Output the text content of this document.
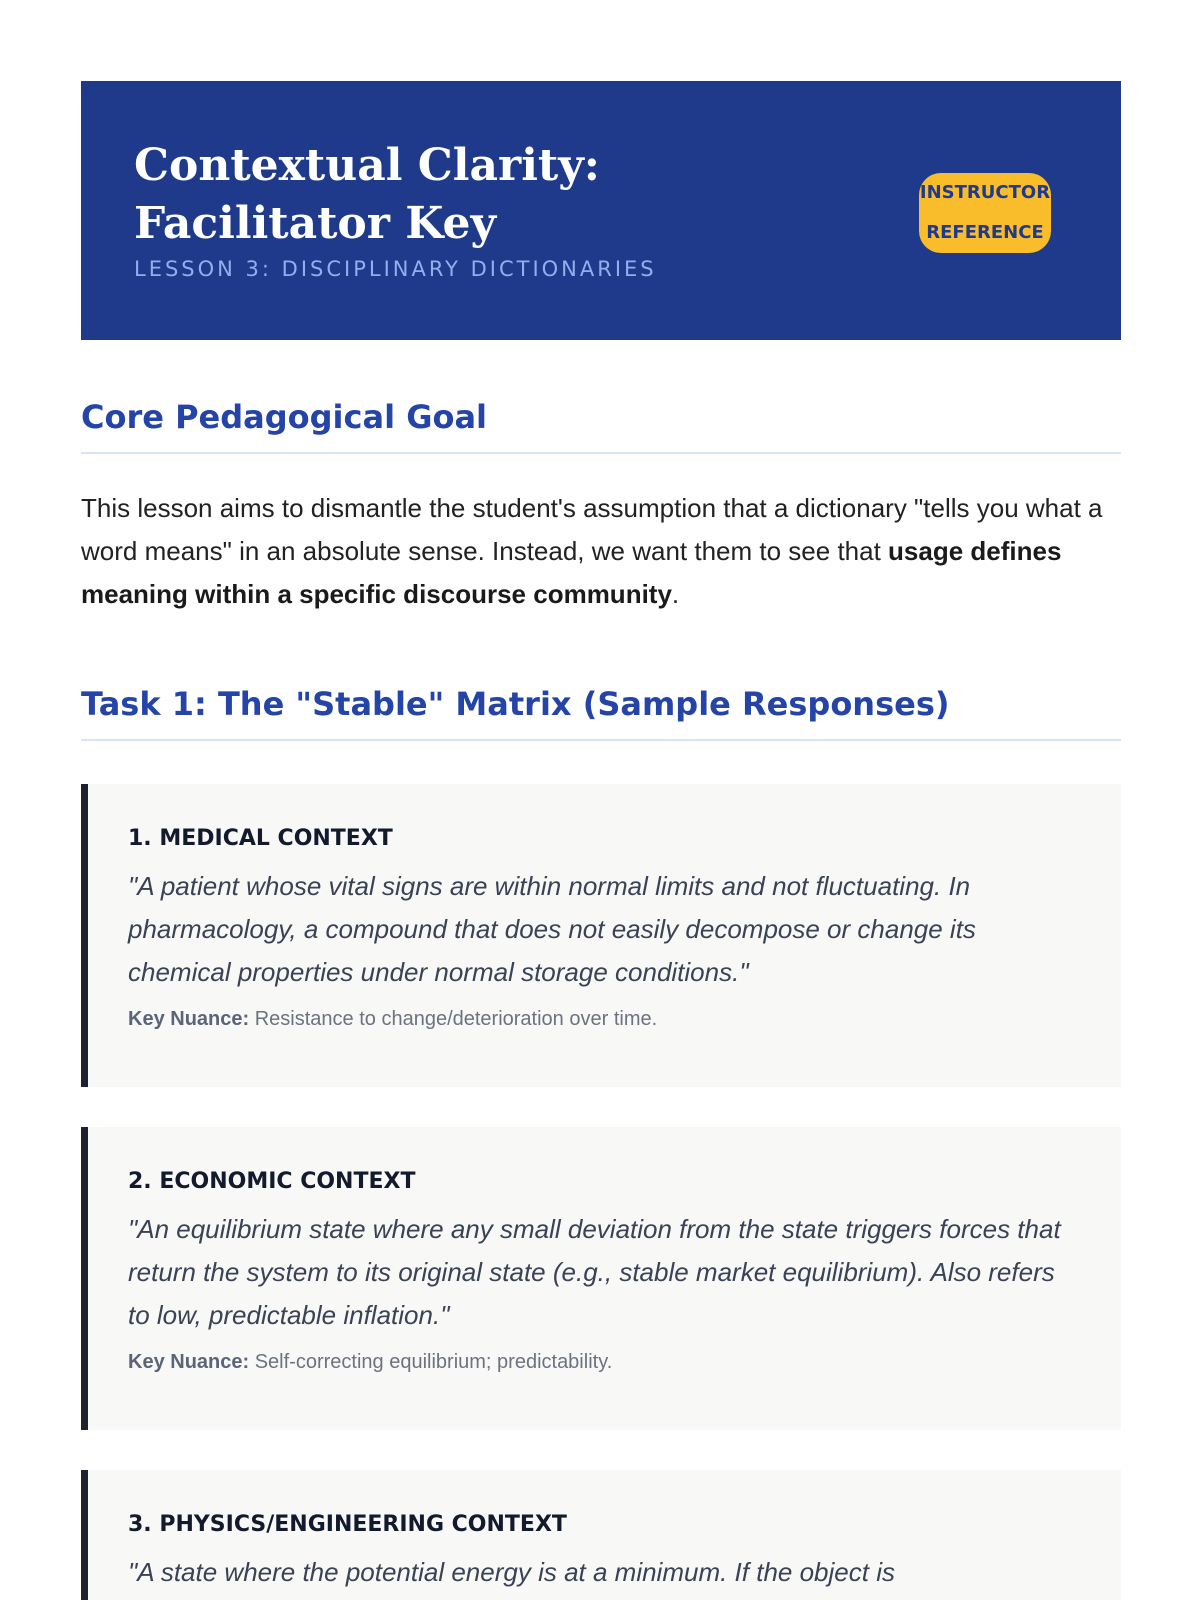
Contextual Clarity:
Facilitator Key
LESSON 3: DISCIPLINARY DICTIONARIES
INSTRUCTOR
REFERENCE
Core Pedagogical Goal

This lesson aims to dismantle the student's assumption that a dictionary "tells you what a word means" in an absolute sense. Instead, we want them to see that usage defines meaning within a specific discourse community.

Task 1: The "Stable" Matrix (Sample Responses)
1. MEDICAL CONTEXT
"A patient whose vital signs are within normal limits and not fluctuating. In pharmacology, a compound that does not easily decompose or change its chemical properties under normal storage conditions."
Key Nuance: Resistance to change/deterioration over time.
2. ECONOMIC CONTEXT
"An equilibrium state where any small deviation from the state triggers forces that return the system to its original state (e.g., stable market equilibrium). Also refers to low, predictable inflation."
Key Nuance: Self-correcting equilibrium; predictability.
3. PHYSICS/ENGINEERING CONTEXT
"A state where the potential energy is at a minimum. If the object is
